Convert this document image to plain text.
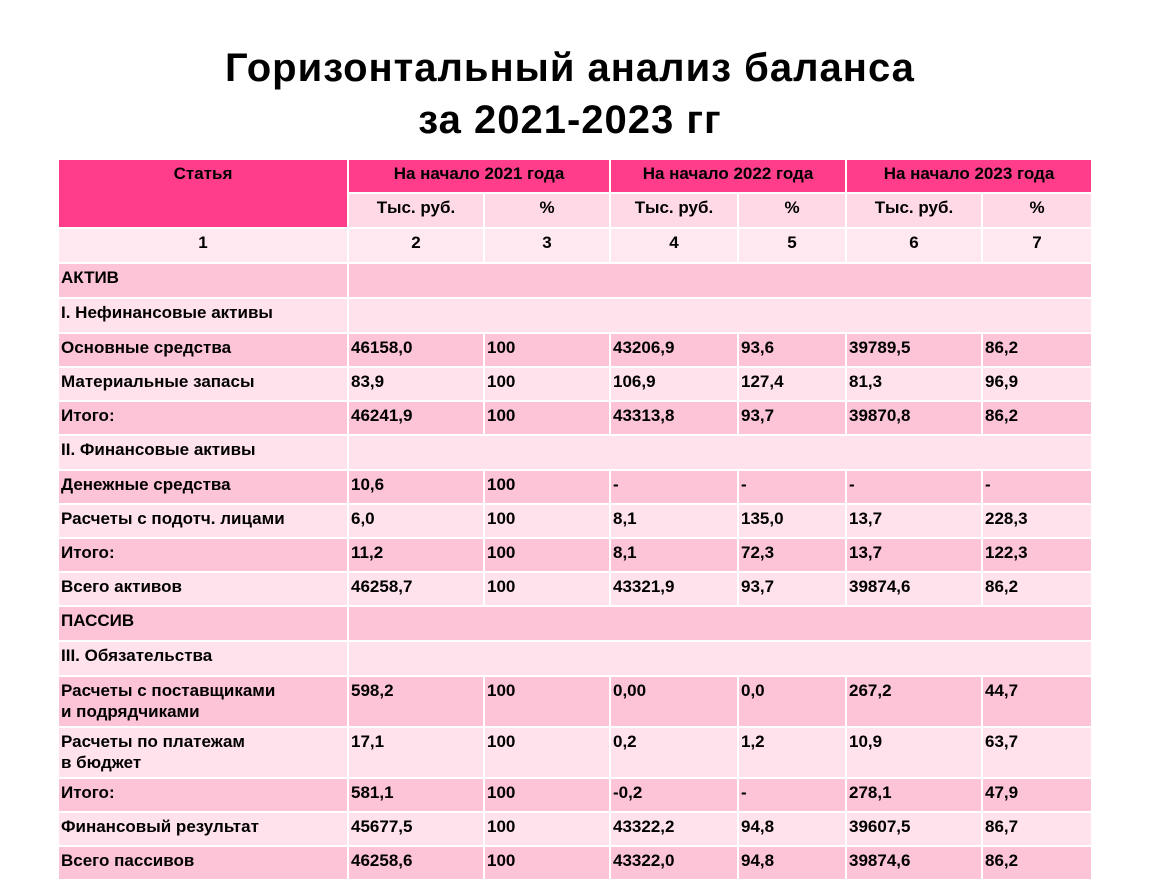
Горизонтальный анализ баланса
за 2021-2023 гг
Статья	На начало 2021 года		На начало 2022 года		На начало 2023 года	
	Тыс. руб.	%	Тыс. руб.	%	Тыс. руб.	%
1	2	3	4	5	6	7

АКТИВ						

I. Нефинансовые активы						

Основные средства	46158,0	100	43206,9	93,6	39789,5	86,2

Материальные запасы	83,9	100	106,9	127,4	81,3	96,9

Итого:	46241,9	100	43313,8	93,7	39870,8	86,2

II. Финансовые активы						

Денежные средства	10,6	100	-	-	-	-

Расчеты с подотч. лицами	6,0	100	8,1	135,0	13,7	228,3

Итого:	11,2	100	8,1	72,3	13,7	122,3

Всего активов	46258,7	100	43321,9	93,7	39874,6	86,2

ПАССИВ						

III. Обязательства						

Расчеты с поставщиками
и подрядчиками	598,2	100	0,00	0,0	267,2	44,7

Расчеты по платежам
в бюджет	17,1	100	0,2	1,2	10,9	63,7

Итого:	581,1	100	-0,2	-	278,1	47,9

Финансовый результат	45677,5	100	43322,2	94,8	39607,5	86,7

Всего пассивов	46258,6	100	43322,0	94,8	39874,6	86,2
